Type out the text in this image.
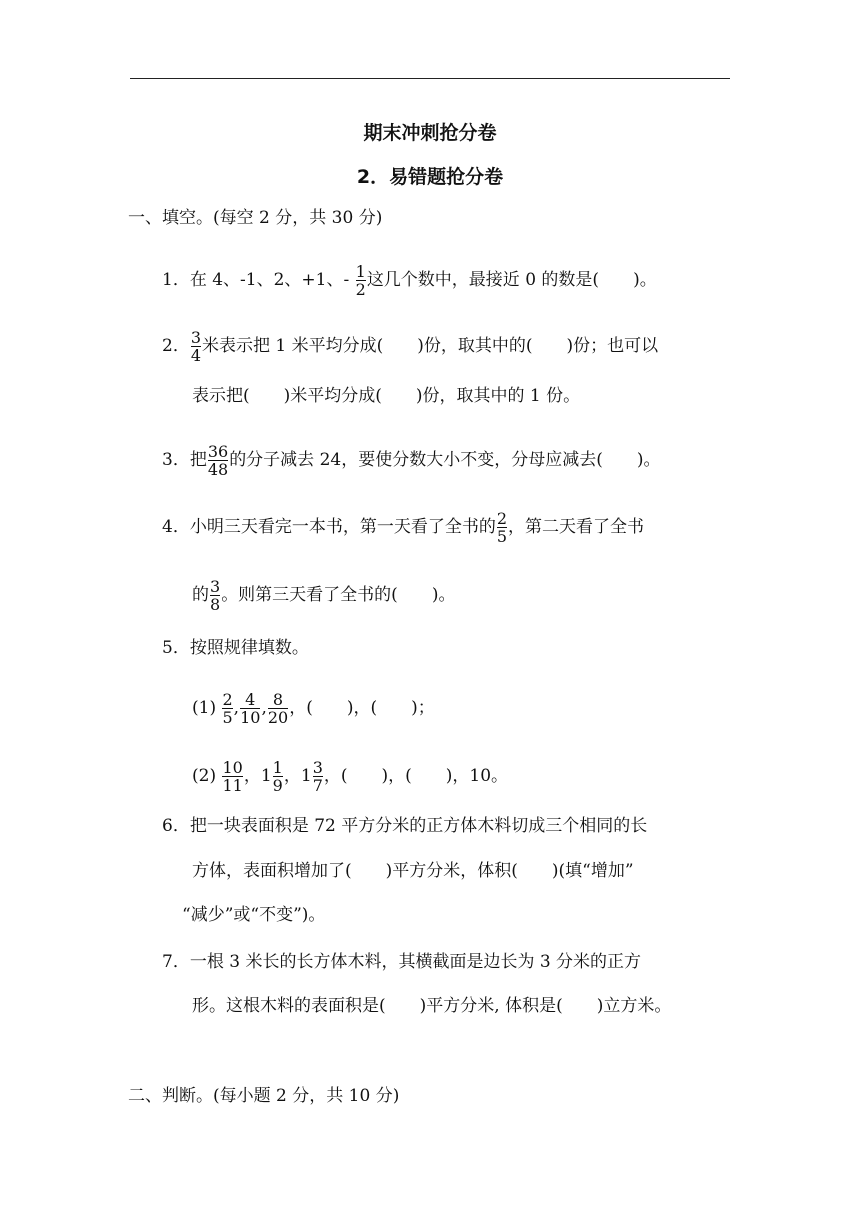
期末冲刺抢分卷
2．易错题抢分卷
一、填空。(每空 2 分，共 30 分)
1．在 4、-1、2、+1、- $\frac{1}{2}$ 这几个数中，最接近 0 的数是(　　)。
2． $\frac{3}{4}$ 米表示把 1 米平均分成(　　)份，取其中的(　　)份；也可以
表示把(　　)米平均分成(　　)份，取其中的 1 份。
3．把 $\frac{36}{48}$ 的分子减去 24，要使分数大小不变，分母应减去(　　)。
4．小明三天看完一本书，第一天看了全书的 $\frac{2}{5}$ ，第二天看了全书
的 $\frac{3}{8}$ 。则第三天看了全书的(　　)。
5．按照规律填数。
$(1) \frac{2}{5}$ , $\frac{4}{10}$ , $\frac{8}{20}$ ，(　　)，(　　)；
$(2) \frac{10}{11}$ ，$1 \frac{1}{9}$ ，$1 \frac{3}{7}$ ，(　　)，(　　)，10。
6．把一块表面积是 72 平方分米的正方体木料切成三个相同的长
方体，表面积增加了(　　)平方分米，体积(　　)(填“增加”
“减少”或“不变”)。
7．一根 3 米长的长方体木料，其横截面是边长为 3 分米的正方
形。这根木料的表面积是(　　)平方分米, 体积是(　　)立方米。
二、判断。(每小题 2 分，共 10 分)
